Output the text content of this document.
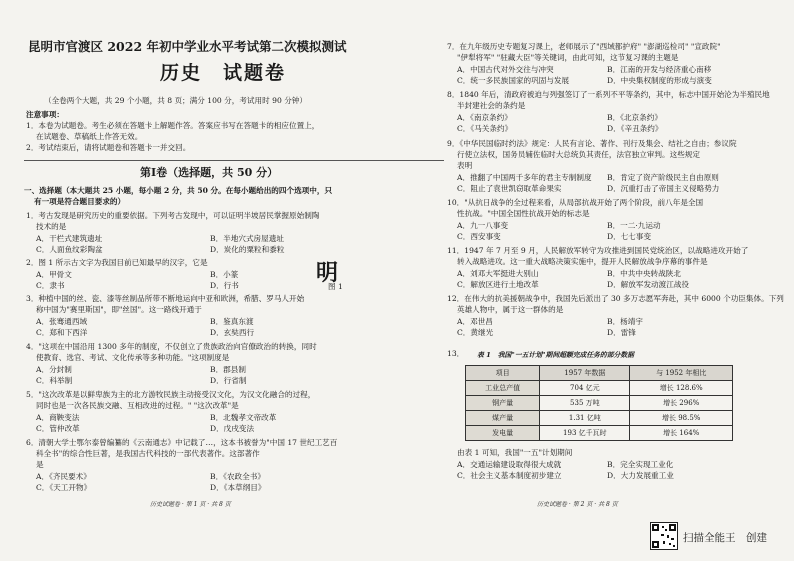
昆明市官渡区 2022 年初中学业水平考试第二次模拟测试
历史　试题卷
（全卷两个大题，共 29 个小题，共 8 页；满分 100 分，考试用时 90 分钟）
注意事项：
1．本卷为试题卷。考生必须在答题卡上解题作答。答案应书写在答题卡的相应位置上，
在试题卷、草稿纸上作答无效。
2．考试结束后，请将试题卷和答题卡一并交回。
第Ⅰ卷（选择题，共 50 分）
一、选择题（本大题共 25 小题，每小题 2 分，共 50 分。在每小题给出的四个选项中，只
有一项是符合题目要求的）
1．考古发现是研究历史的重要依据。下列考古发现中，可以证明半坡居民掌握原始制陶
技术的是
A．干栏式建筑遗址	B．半地穴式房屋遗址
C．人面鱼纹彩陶盆	D．炭化的粟粒和黍粒
2．图 1 所示古文字为我国目前已知最早的汉字，它是
A．甲骨文	B．小篆
C．隶书	D．行书	明
图 1
3．种植中国的丝、瓷、漆等丝制品所带不断地运向中亚和欧洲，希腊、罗马人开始
称中国为"赛里斯国"，即"丝国"。这一路线开通于
A．张骞通西域	B．鉴真东渡
C．郑和下西洋	D．玄奘西行
4．"这项在中国沿用 1300 多年的制度，不仅创立了贵族政治向官僚政治的转换，同时
使教育、选官、考试、文化传承等多种功能。"这项制度是
A．分封制	B．郡县制
C．科举制	D．行省制
5．"这次改革是以鲜卑族为主的北方游牧民族主动接受汉文化，为汉文化融合的过程，
同时也是一次各民族交融、互相改进的过程。" "这次改革"是
A．商鞅变法	B．北魏孝文帝改革
C．管仲改革	D．戊戌变法
6．清朝大学士鄂尔泰曾编纂的《云南通志》中记载了…，这本书被誉为"中国 17 世纪工艺百
科全书"的综合性巨著，是我国古代科技的一部代表著作。这部著作
是
A．《齐民要术》	B．《农政全书》
C．《天工开物》	D．《本草纲目》
历史试题卷 · 第 1 页 · 共 8 页
7．在九年级历史专题复习课上，老师展示了"西域都护府" "澎湖巡检司" "宣政院"
"伊犁将军" "驻藏大臣"等关键词，由此可知，这节复习课的主题是
A．中国古代对外交往与冲突	B．江南的开发与经济重心南移
C．统一多民族国家的巩固与发展	D．中央集权制度的形成与演变
8．1840 年后，清政府被迫与列强签订了一系列不平等条约，其中，标志中国开始沦为半殖民地
半封建社会的条约是
A．《南京条约》	B．《北京条约》
C．《马关条约》	D．《辛丑条约》
9．《中华民国临时约法》规定：人民有言论、著作、刊行及集会、结社之自由；参议院
行使立法权，国务员辅佐临时大总统负其责任，法官独立审判。这些规定
表明
A．推翻了中国两千多年的君主专制制度 B．肯定了资产阶级民主自由原则
C．阻止了袁世凯窃取革命果实	D．沉重打击了帝国主义侵略势力
10．"从抗日战争的全过程来看，从局部抗战开始了两个阶段，前八年是全国
性抗战。"中国全国性抗战开始的标志是
A．九一八事变	B．一二·九运动
C．西安事变	D．七七事变
11．1947 年 7 月至 9 月，人民解放军转守为攻推进到国民党统治区，以战略进攻开始了
转入战略进攻。这一重大战略决策实施中，提开人民解放战争序幕的事件是
A．刘邓大军挺进大别山	B．中共中央转战陕北
C．解放区进行土地改革	D．解放军发动渡江战役
12．在伟大的抗美援朝战争中，我国先后派出了 30 多万志愿军奔赴，其中 6000 个功臣集体。下列
英雄人物中，属于这一群体的是
A．邓世昌	B．杨靖宇
C．黄继光	D．雷锋
13． 表 1　我国"一五计划"期间超额完成任务的部分数据
项目	1957 年数据	与 1952 年相比
工业总产值	704 亿元	增长 128.6%
钢产量	535 万吨	增长 296%
煤产量	1.31 亿吨	增长 98.5%
发电量	193 亿千瓦时	增长 164%
由表 1 可知，我国"一五"计划期间
A．交通运输建设取得很大成就	B．完全实现工业化
C．社会主义基本制度初步建立	D．大力发展重工业
历史试题卷 · 第 2 页 · 共 8 页
扫描全能王　创建
